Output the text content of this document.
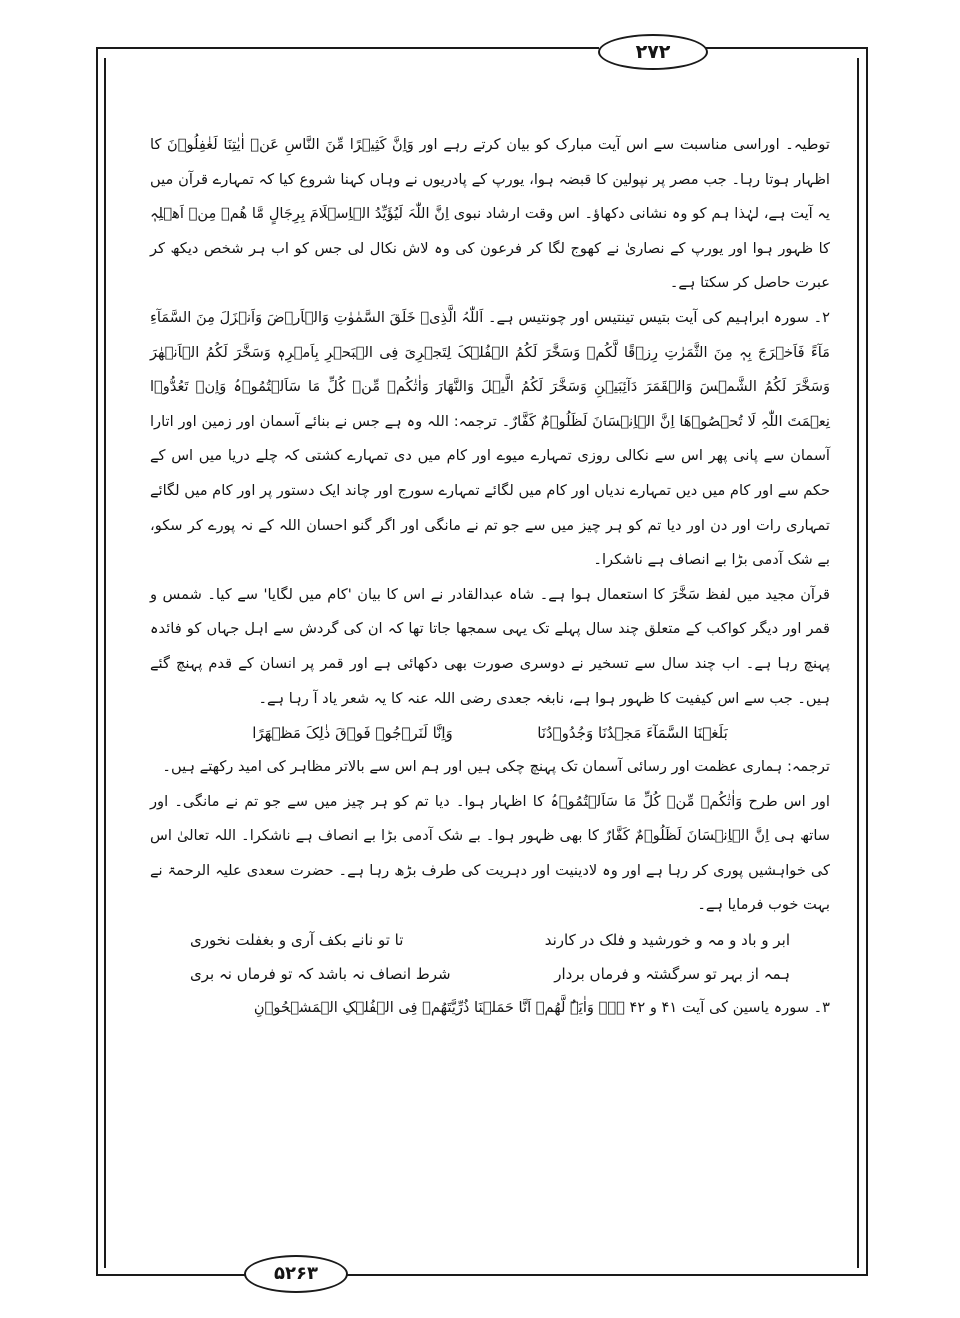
۲۷۲
۵۲۶۳

توطیہ۔ اوراسی مناسبت سے اس آیت مبارک کو بیان کرتے رہے اور وَاِنَّ کَثِیۡرًا مِّنَ النَّاسِ عَنۡ اٰیٰتِنَا لَغٰفِلُوۡنَ کا اظہار ہوتا رہا۔ جب مصر پر نپولین کا قبضہ ہوا، یورپ کے پادریوں نے وہاں کہنا شروع کیا کہ تمہارے قرآن میں یہ آیت ہے، لہٰذا ہم کو وہ نشانی دکھاؤ۔ اس وقت ارشاد نبوی اِنَّ اللّٰہَ لَیُؤَیِّدُ الۡاِسۡلَامَ بِرِجَالٍ مَّا ھُمۡ مِنۡ اَھۡلِہٖ کا ظہور ہوا اور یورپ کے نصاریٰ نے کھوج لگا کر فرعون کی وہ لاش نکال لی جس کو اب ہر شخص دیکھ کر عبرت حاصل کر سکتا ہے۔

۲۔ سورہ ابراہیم کی آیت بتیس تینتیس اور چونتیس ہے۔ اَللّٰہُ الَّذِیۡ خَلَقَ السَّمٰوٰتِ وَالۡاَرۡضَ وَاَنۡزَلَ مِنَ السَّمَآءِ مَآءً فَاَخۡرَجَ بِہٖ مِنَ الثَّمَرٰتِ رِزۡقًا لَّکُمۡ وَسَخَّرَ لَکُمُ الۡفُلۡکَ لِتَجۡرِیَ فِی الۡبَحۡرِ بِاَمۡرِہٖ وَسَخَّرَ لَکُمُ الۡاَنۡھٰرَ وَسَخَّرَ لَکُمُ الشَّمۡسَ وَالۡقَمَرَ دَآئِبَیۡنِ وَسَخَّرَ لَکُمُ الَّیۡلَ وَالنَّھَارَ وَاٰتٰکُمۡ مِّنۡ کُلِّ مَا سَاَلۡتُمُوۡہُ وَاِنۡ تَعُدُّوۡا نِعۡمَتَ اللّٰہِ لَا تُحۡصُوۡھَا اِنَّ الۡاِنۡسَانَ لَظَلُوۡمٌ کَفَّارٌ۔ ترجمہ: اللہ وہ ہے جس نے بنائے آسمان اور زمین اور اتارا آسمان سے پانی پھر اس سے نکالی روزی تمہارے میوے اور کام میں دی تمہارے کشتی کہ چلے دریا میں اس کے حکم سے اور کام میں دیں تمہارے ندیاں اور کام میں لگائے تمہارے سورج اور چاند ایک دستور پر اور کام میں لگائے تمہاری رات اور دن اور دیا تم کو ہر چیز میں سے جو تم نے مانگی اور اگر گنو احسان اللہ کے نہ پورے کر سکو، بے شک آدمی بڑا بے انصاف ہے ناشکرا۔

قرآن مجید میں لفظ سَخَّرَ کا استعمال ہوا ہے۔ شاہ عبدالقادر نے اس کا بیان 'کام میں لگایا' سے کیا۔ شمس و قمر اور دیگر کواکب کے متعلق چند سال پہلے تک یہی سمجھا جاتا تھا کہ ان کی گردش سے اہل جہاں کو فائدہ پہنچ رہا ہے۔ اب چند سال سے تسخیر نے دوسری صورت بھی دکھائی ہے اور قمر پر انسان کے قدم پہنچ گئے ہیں۔ جب سے اس کیفیت کا ظہور ہوا ہے، نابغہ جعدی رضی اللہ عنہ کا یہ شعر یاد آ رہا ہے۔

بَلَغۡنَا السَّمَآءَ مَجۡدُنَا وَجُدُوۡدُنَا
وَاِنَّا لَنَرۡجُوۡ فَوۡقَ ذٰلِکَ مَظۡھَرًا

ترجمہ: ہماری عظمت اور رسائی آسمان تک پہنچ چکی ہیں اور ہم اس سے بالاتر مظاہر کی امید رکھتے ہیں۔

اور اس طرح وَاٰتٰکُمۡ مِّنۡ کُلِّ مَا سَاَلۡتُمُوۡہُ کا اظہار ہوا۔ دیا تم کو ہر چیز میں سے جو تم نے مانگی۔ اور ساتھ ہی اِنَّ الۡاِنۡسَانَ لَظَلُوۡمٌ کَفَّارٌ کا بھی ظہور ہوا۔ بے شک آدمی بڑا بے انصاف ہے ناشکرا۔ اللہ تعالیٰ اس کی خواہشیں پوری کر رہا ہے اور وہ لادینیت اور دہریت کی طرف بڑھ رہا ہے۔ حضرت سعدی علیہ الرحمۃ نے بہت خوب فرمایا ہے۔

ابر و باد و مہ و خورشید و فلک در کارند
تا تو نانے بکف آری و بغفلت نخوری
ہمہ از بہر تو سرگشتہ و فرماں بردار
شرط انصاف نہ باشد کہ تو فرماں نہ بری

۳۔ سورہ یاسین کی آیت ۴۱ و ۴۲ ہے۔ وَاٰیَۃٌ لَّھُمۡ اَنَّا حَمَلۡنَا ذُرِّیَّتَھُمۡ فِی الۡفُلۡکِ الۡمَشۡحُوۡنِ
